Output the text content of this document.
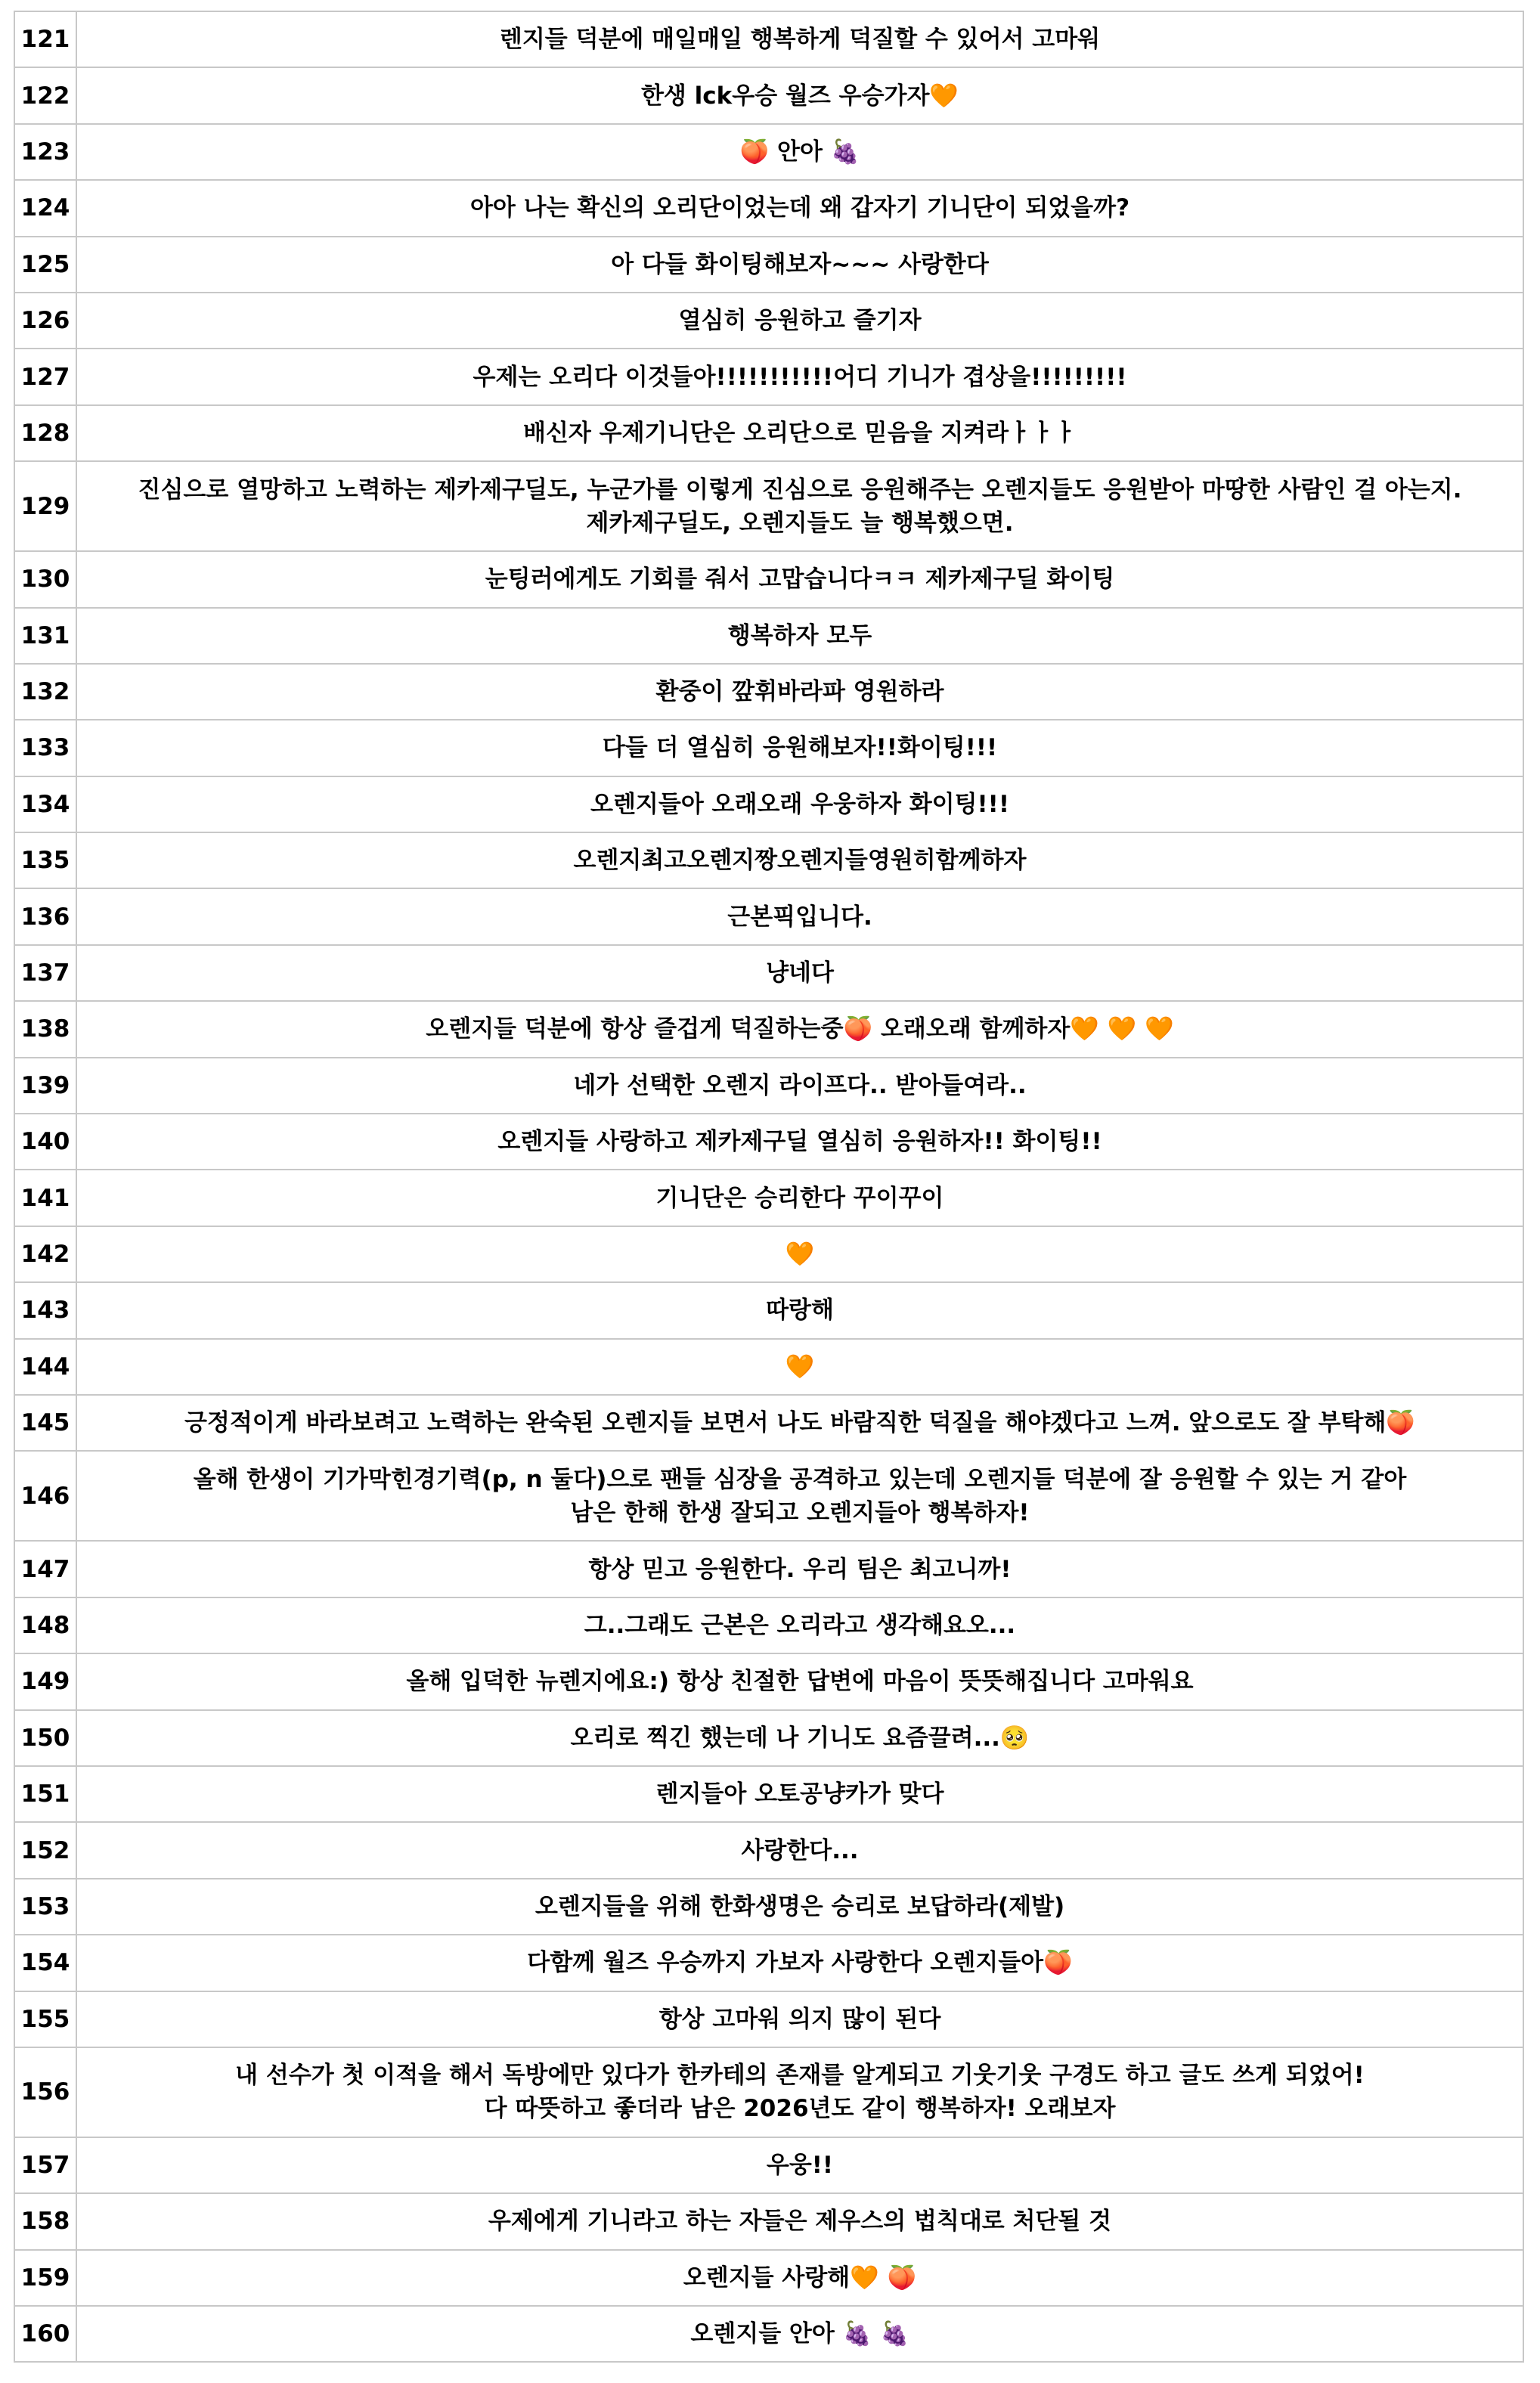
121	렌지들 덕분에 매일매일 행복하게 덕질할 수 있어서 고마워
122	한생 lck우승 월즈 우승가자🧡
123	🍑 안아 🍇
124	아아 나는 확신의 오리단이었는데 왜 갑자기 기니단이 되었을까?
125	아 다들 화이팅해보자~~~ 사랑한다
126	열심히 응원하고 즐기자
127	우제는 오리다 이것들아!!!!!!!!!!!어디 기니가 겹상을!!!!!!!!!
128	배신자 우제기니단은 오리단으로 믿음을 지켜라ㅏㅏㅏ
129	진심으로 열망하고 노력하는 제카제구딜도, 누군가를 이렇게 진심으로 응원해주는 오렌지들도 응원받아 마땅한 사람인 걸 아는지.
제카제구딜도, 오렌지들도 늘 행복했으면.
130	눈팅러에게도 기회를 줘서 고맙습니다ㅋㅋ 제카제구딜 화이팅
131	행복하자 모두
132	환중이 깦휘바라파 영원하라
133	다들 더 열심히 응원해보자!!화이팅!!!
134	오렌지들아 오래오래 우웅하자 화이팅!!!
135	오렌지최고오렌지짱오렌지들영원히함께하자
136	근본픽입니다.
137	냥네다
138	오렌지들 덕분에 항상 즐겁게 덕질하는중🍑 오래오래 함께하자🧡 🧡 🧡
139	네가 선택한 오렌지 라이프다.. 받아들여라..
140	오렌지들 사랑하고 제카제구딜 열심히 응원하자!! 화이팅!!
141	기니단은 승리한다 꾸이꾸이
142	🧡
143	따랑해
144	🧡
145	긍정적이게 바라보려고 노력하는 완숙된 오렌지들 보면서 나도 바람직한 덕질을 해야겠다고 느껴. 앞으로도 잘 부탁해🍑
146	올해 한생이 기가막힌경기력(p, n 둘다)으로 팬들 심장을 공격하고 있는데 오렌지들 덕분에 잘 응원할 수 있는 거 같아
남은 한해 한생 잘되고 오렌지들아 행복하자!
147	항상 믿고 응원한다. 우리 팀은 최고니까!
148	그..그래도 근본은 오리라고 생각해요오...
149	올해 입덕한 뉴렌지에요:) 항상 친절한 답변에 마음이 뜻뜻해집니다 고마워요
150	오리로 찍긴 했는데 나 기니도 요즘끌려...🥺
151	렌지들아 오토공냥카가 맞다
152	사랑한다...
153	오렌지들을 위해 한화생명은 승리로 보답하라(제발)
154	다함께 월즈 우승까지 가보자 사랑한다 오렌지들아🍑
155	항상 고마워 의지 많이 된다
156	내 선수가 첫 이적을 해서 독방에만 있다가 한카테의 존재를 알게되고 기웃기웃 구경도 하고 글도 쓰게 되었어!
다 따뜻하고 좋더라 남은 2026년도 같이 행복하자! 오래보자
157	우웅!!
158	우제에게 기니라고 하는 자들은 제우스의 법칙대로 처단될 것
159	오렌지들 사랑해🧡 🍑
160	오렌지들 안아 🍇 🍇
